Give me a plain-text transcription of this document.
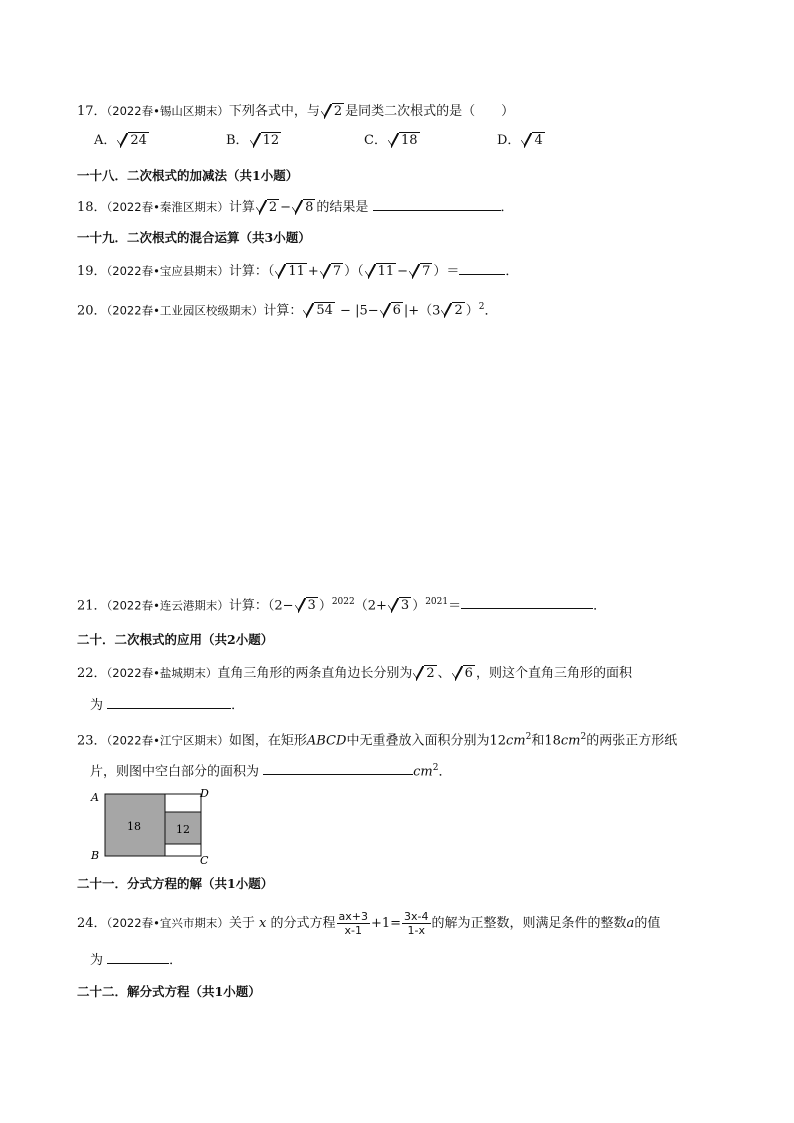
17．（2022春•锡山区期末）下列各式中，与 2 是同类二次根式的是（　　）
A． 24	B． 12	C． 18	D． 4
一十八．二次根式的加减法（共1小题）
18．（2022春•秦淮区期末）计算 2 − 8 的结果是	．
一十九．二次根式的混合运算（共3小题）
19．（2022春•宝应县期末）计算：（ 11 + 7 ）（ 11 − 7 ）＝	．
20．（2022春•工业园区校级期末）计算： 54 − |5− 6 |+（3 2 ）$^2$．
21．（2022春•连云港期末）计算：（2− 3 ）$^{2022}$（2+ 3 ）$^{2021}$＝	．
二十．二次根式的应用（共2小题）
22．（2022春•盐城期末）直角三角形的两条直角边长分别为 2 、 6 ，则这个直角三角形的面积
为	．
23．（2022春•江宁区期末）如图，在矩形ABCD中无重叠放入面积分别为$12cm^2$和$18cm^2$的两张正方形纸
片，则图中空白部分的面积为	$cm^2$．
18	12
A
B	C
D
二十一．分式方程的解（共1小题）
24．（2022春•宜兴市期末）关于 x 的分式方程 $\frac{ax+3}{x-1} +1= \frac{3x-4}{1-x}$ 的解为正整数，则满足条件的整数a的值
为	．
二十二．解分式方程（共1小题）
